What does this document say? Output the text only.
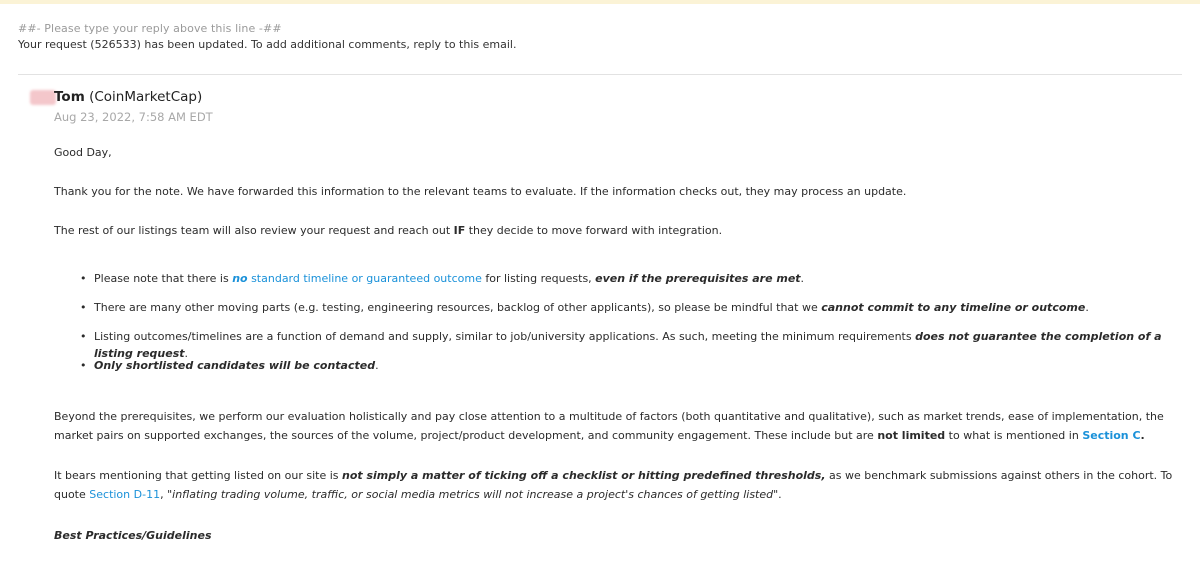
##- Please type your reply above this line -##
Your request (526533) has been updated. To add additional comments, reply to this email.
Tom (CoinMarketCap)
Aug 23, 2022, 7:58 AM EDT
Good Day,
Thank you for the note. We have forwarded this information to the relevant teams to evaluate. If the information checks out, they may process an update.
The rest of our listings team will also review your request and reach out IF they decide to move forward with integration.
• Please note that there is no standard timeline or guaranteed outcome for listing requests, even if the prerequisites are met.
• There are many other moving parts (e.g. testing, engineering resources, backlog of other applicants), so please be mindful that we cannot commit to any timeline or outcome.
• Listing outcomes/timelines are a function of demand and supply, similar to job/university applications. As such, meeting the minimum requirements does not guarantee the completion of a listing request.
• Only shortlisted candidates will be contacted.
Beyond the prerequisites, we perform our evaluation holistically and pay close attention to a multitude of factors (both quantitative and qualitative), such as market trends, ease of implementation, the market pairs on supported exchanges, the sources of the volume, project/product development, and community engagement. These include but are not limited to what is mentioned in Section C.
It bears mentioning that getting listed on our site is not simply a matter of ticking off a checklist or hitting predefined thresholds, as we benchmark submissions against others in the cohort. To quote Section D-11, "inflating trading volume, traffic, or social media metrics will not increase a project's chances of getting listed".
Best Practices/Guidelines
